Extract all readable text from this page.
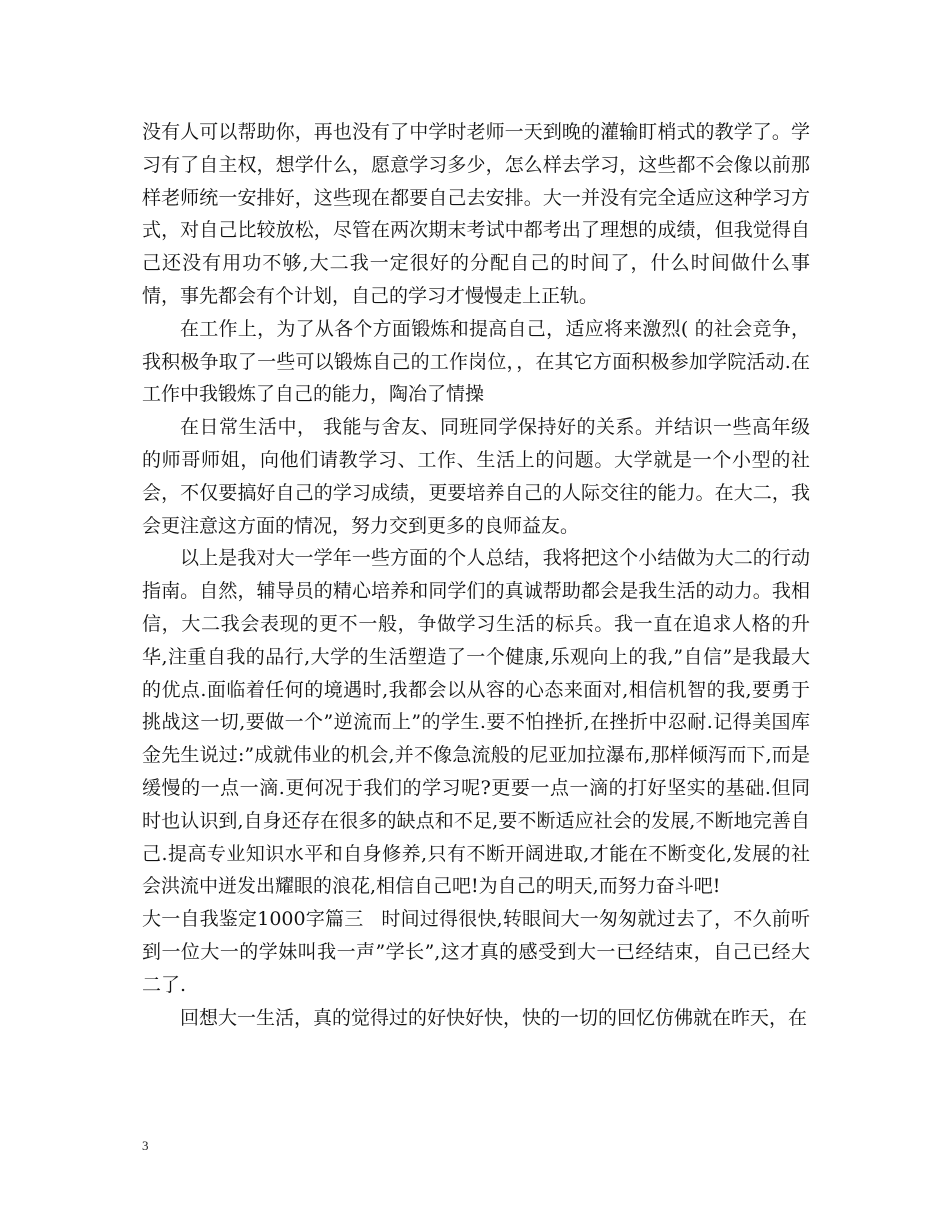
没有人可以帮助你，再也没有了中学时老师一天到晚的灌输盯梢式的教学了。学习有了自主权，想学什么，愿意学习多少，怎么样去学习，这些都不会像以前那样老师统一安排好，这些现在都要自己去安排。大一并没有完全适应这种学习方式，对自己比较放松，尽管在两次期末考试中都考出了理想的成绩，但我觉得自己还没有用功不够,大二我一定很好的分配自己的时间了，什么时间做什么事情，事先都会有个计划，自己的学习才慢慢走上正轨。

在工作上，为了从各个方面锻炼和提高自己，适应将来激烈( 的社会竞争，我积极争取了一些可以锻炼自己的工作岗位，，在其它方面积极参加学院活动.在工作中我锻炼了自己的能力，陶冶了情操

在日常生活中， 我能与舍友、同班同学保持好的关系。并结识一些高年级的师哥师姐，向他们请教学习、工作、生活上的问题。大学就是一个小型的社会，不仅要搞好自己的学习成绩，更要培养自己的人际交往的能力。在大二，我会更注意这方面的情况，努力交到更多的良师益友。

以上是我对大一学年一些方面的个人总结，我将把这个小结做为大二的行动指南。自然，辅导员的精心培养和同学们的真诚帮助都会是我生活的动力。我相信，大二我会表现的更不一般，争做学习生活的标兵。我一直在追求人格的升华,注重自我的品行,大学的生活塑造了一个健康,乐观向上的我,”自信”是我最大的优点.面临着任何的境遇时,我都会以从容的心态来面对,相信机智的我,要勇于挑战这一切,要做一个”逆流而上”的学生.要不怕挫折,在挫折中忍耐.记得美国库金先生说过:”成就伟业的机会,并不像急流般的尼亚加拉瀑布,那样倾泻而下,而是缓慢的一点一滴.更何况于我们的学习呢?更要一点一滴的打好坚实的基础.但同时也认识到,自身还存在很多的缺点和不足,要不断适应社会的发展,不断地完善自己.提高专业知识水平和自身修养,只有不断开阔进取,才能在不断变化,发展的社会洪流中迸发出耀眼的浪花,相信自己吧!为自己的明天,而努力奋斗吧!

大一自我鉴定1000字篇三 时间过得很快,转眼间大一匆匆就过去了，不久前听到一位大一的学妹叫我一声”学长”,这才真的感受到大一已经结束，自己已经大二了.

回想大一生活，真的觉得过的好快好快，快的一切的回忆仿佛就在昨天，在

3
